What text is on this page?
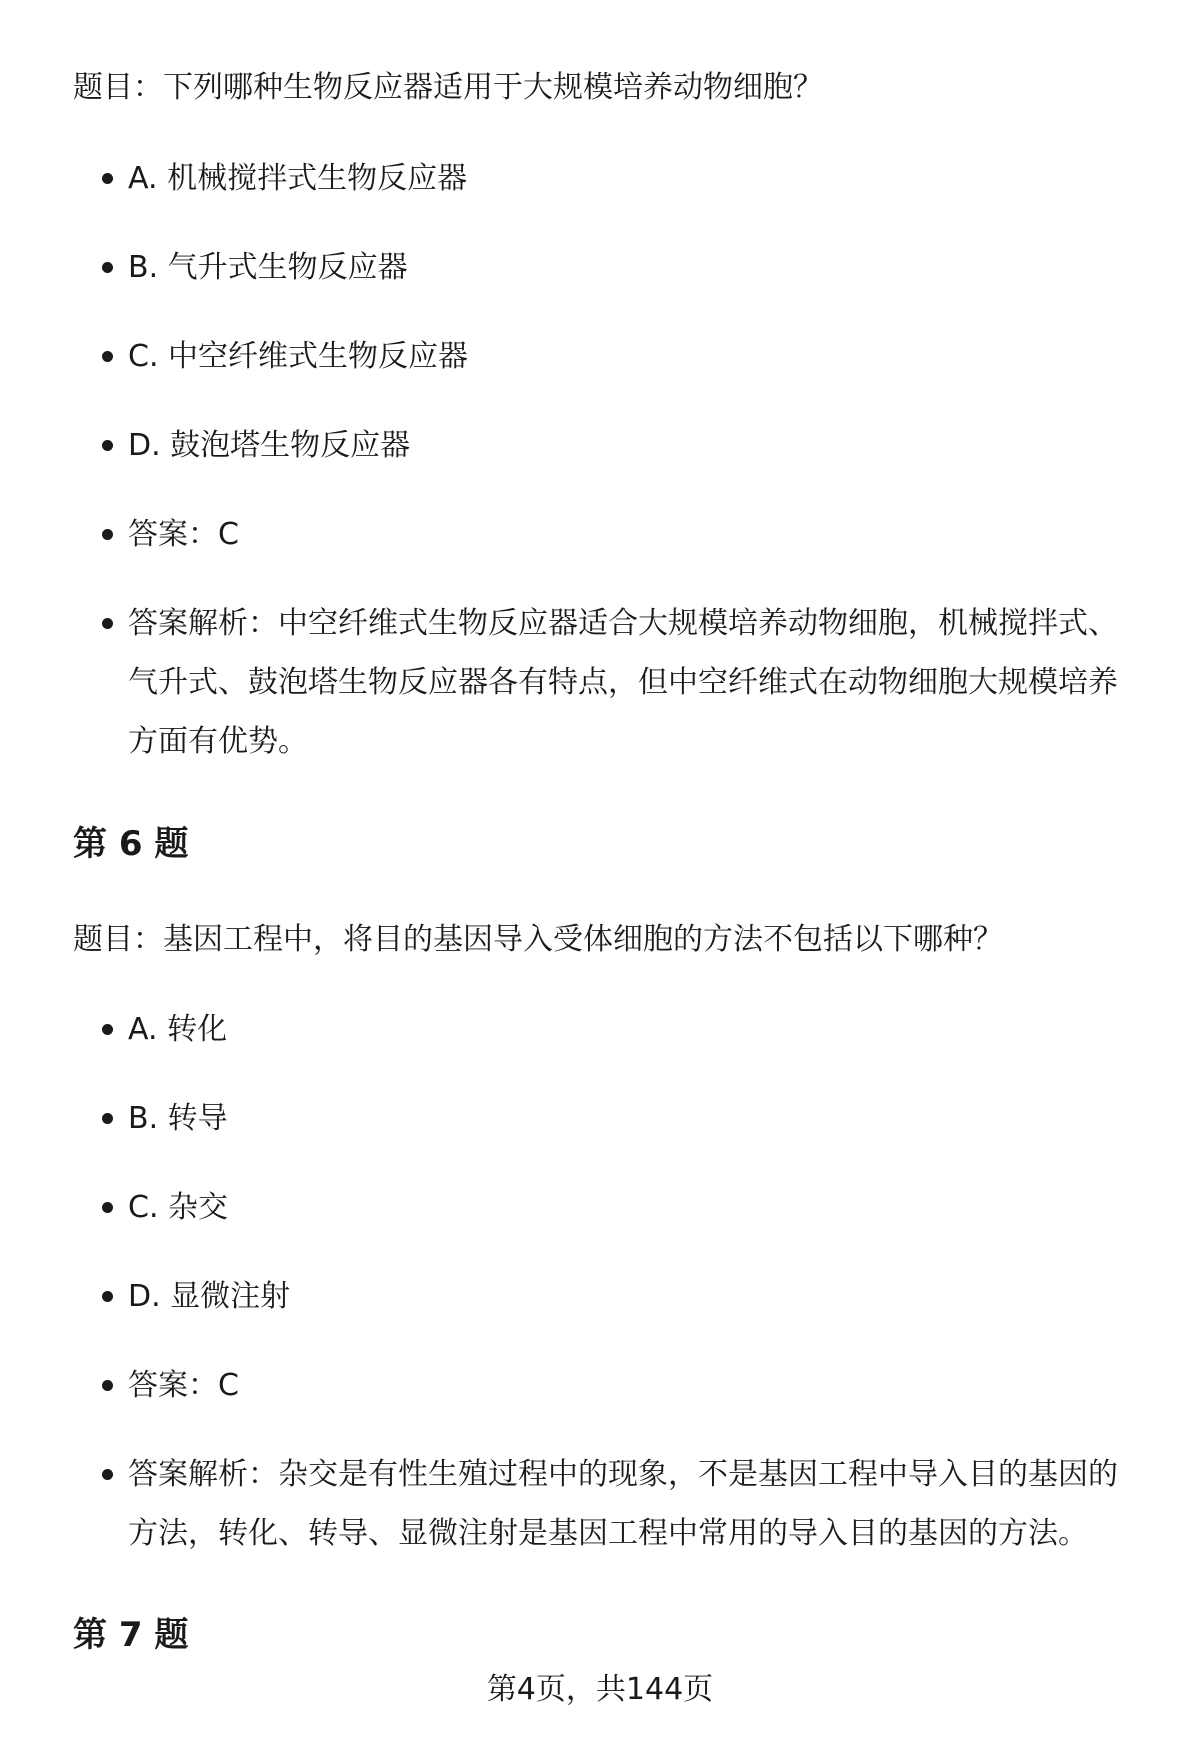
题目：下列哪种生物反应器适用于大规模培养动物细胞？

A. 机械搅拌式生物反应器
B. 气升式生物反应器
C. 中空纤维式生物反应器
D. 鼓泡塔生物反应器
答案：C
答案解析：中空纤维式生物反应器适合大规模培养动物细胞，机械搅拌式、气升式、鼓泡塔生物反应器各有特点，但中空纤维式在动物细胞大规模培养方面有优势。
第 6 题

题目：基因工程中，将目的基因导入受体细胞的方法不包括以下哪种？

A. 转化
B. 转导
C. 杂交
D. 显微注射
答案：C
答案解析：杂交是有性生殖过程中的现象，不是基因工程中导入目的基因的方法，转化、转导、显微注射是基因工程中常用的导入目的基因的方法。
第 7 题
第4页，共144页
